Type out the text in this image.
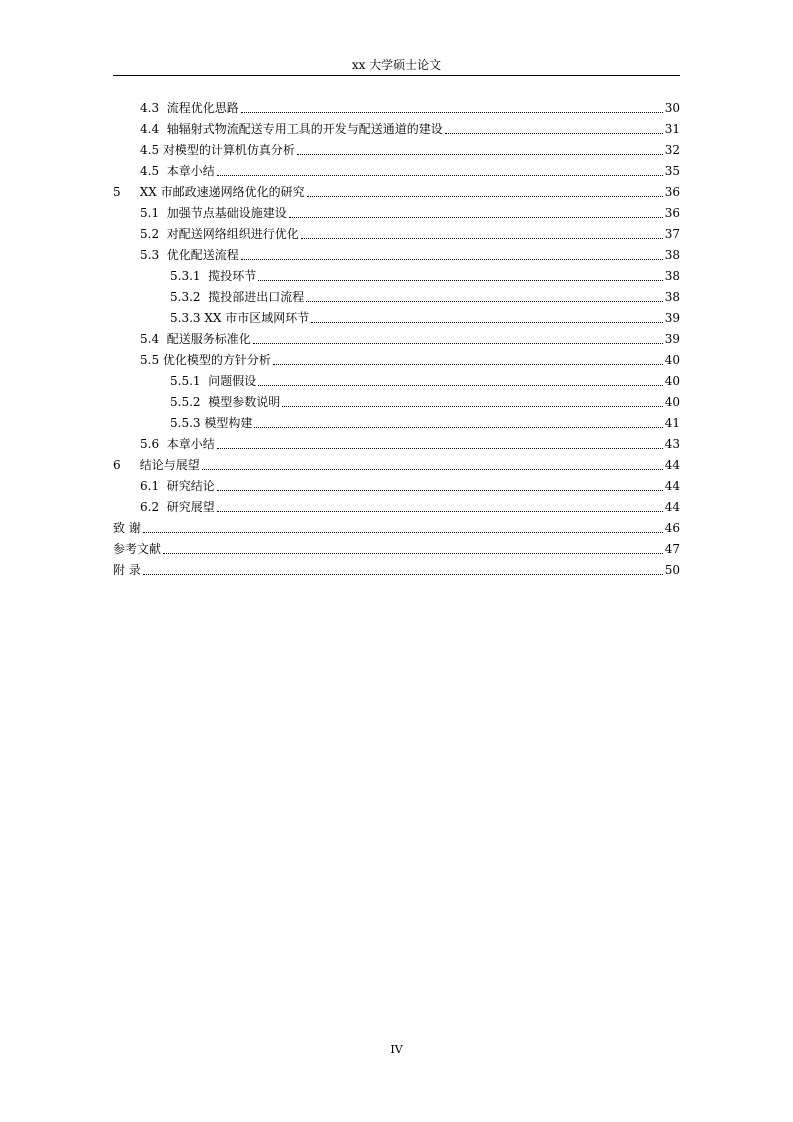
xx 大学硕士论文
4.3 流程优化思路	30
4.4 轴辐射式物流配送专用工具的开发与配送通道的建设	31
4.5 对模型的计算机仿真分析	32
4.5 本章小结	35
5 XX 市邮政速递网络优化的研究	36
5.1 加强节点基础设施建设	36
5.2 对配送网络组织进行优化	37
5.3 优化配送流程	38
5.3.1 揽投环节	38
5.3.2 揽投部进出口流程	38
5.3.3 XX 市市区域网环节	39
5.4 配送服务标准化	39
5.5 优化模型的方针分析	40
5.5.1 问题假设	40
5.5.2 模型参数说明	40
5.5.3 模型构建	41
5.6 本章小结	43
6 结论与展望	44
6.1 研究结论	44
6.2 研究展望	44
致 谢	46
参考文献	47
附 录	50
IV
